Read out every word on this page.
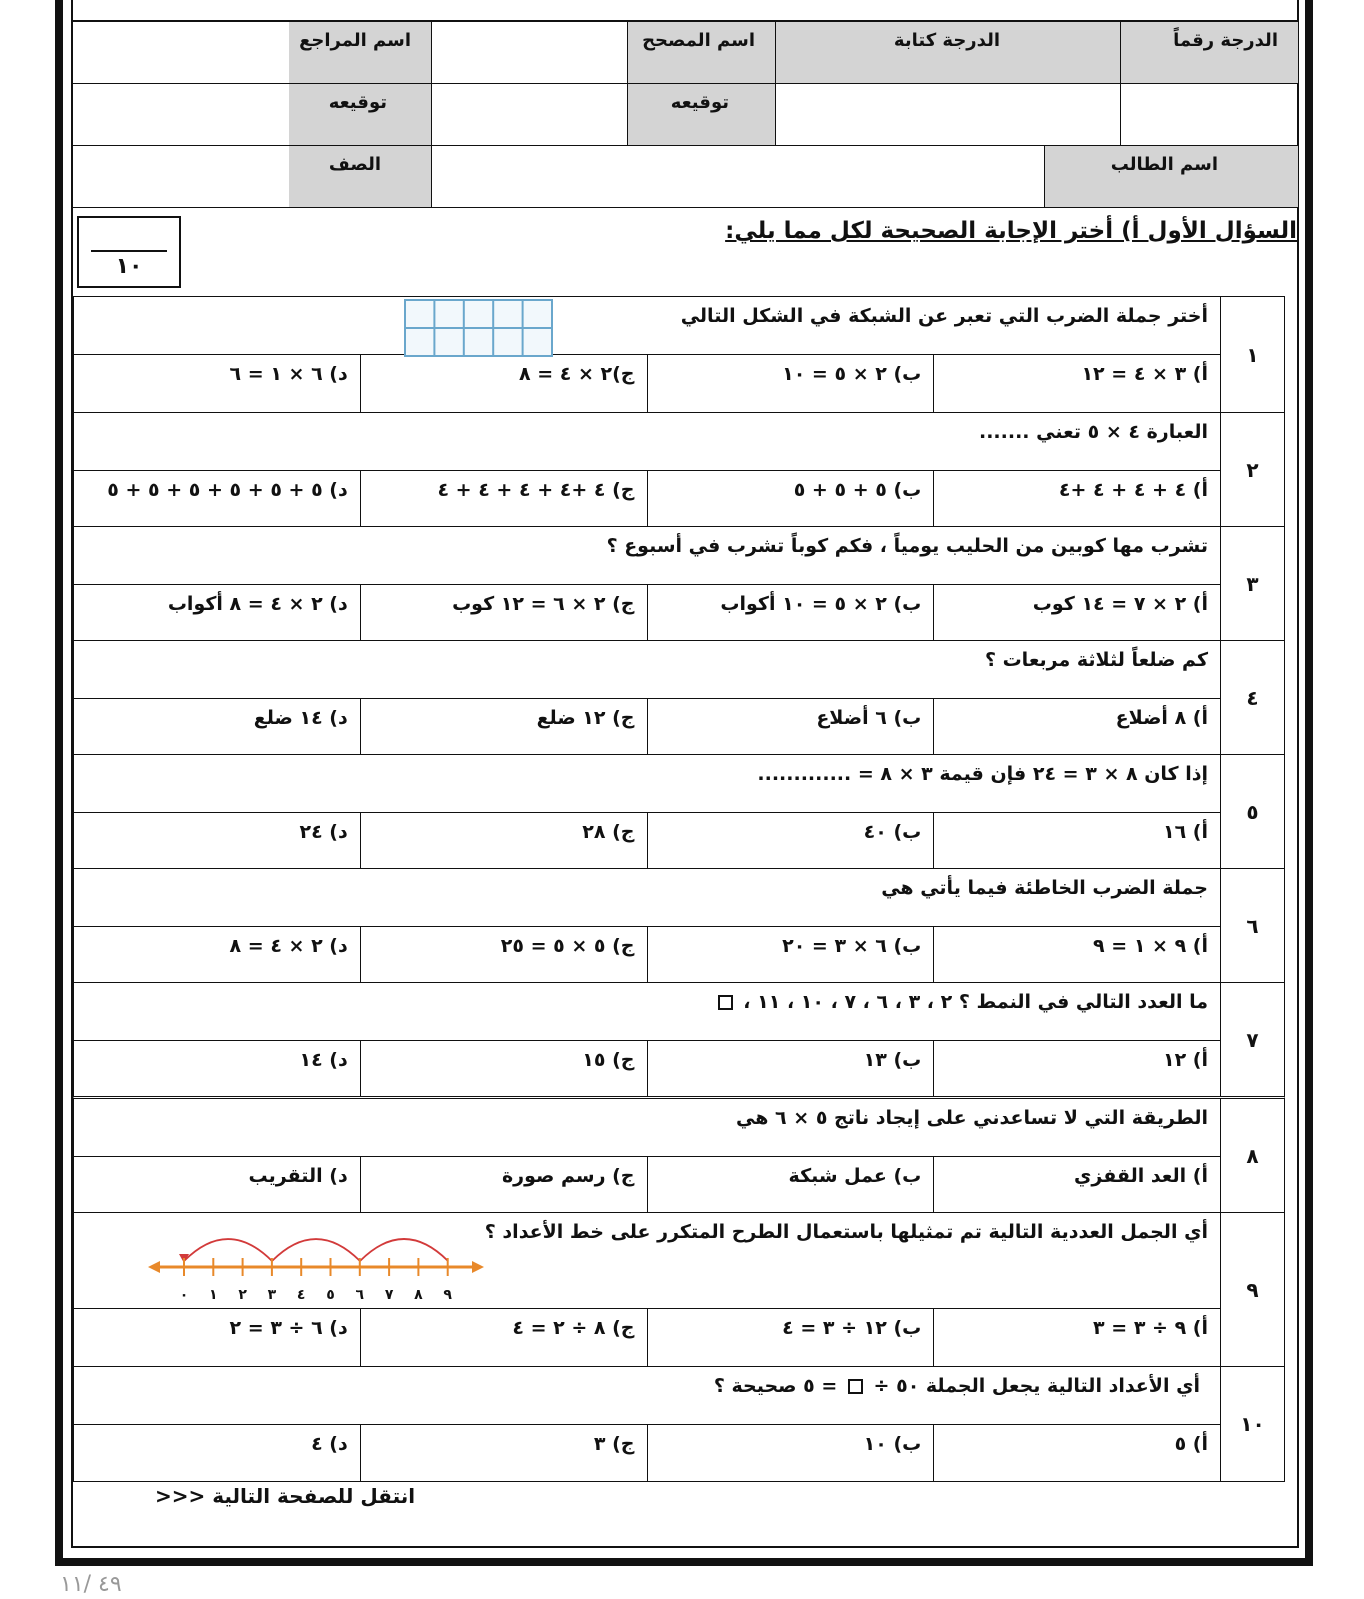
الدرجة رقماً
الدرجة كتابة
اسم المصحح
اسم المراجع
توقيعه
توقيعه
اسم الطالب
الصف
السؤال الأول أ) أختر الإجابة الصحيحة لكل مما يلي:
١٠
١
أختر جملة الضرب التي تعبر عن الشبكة في الشكل التالي
أ) ٣ × ٤ = ١٢
ب) ٢ × ٥ = ١٠
ج)٢ × ٤ = ٨
د) ٦ × ١ = ٦
٢
العبارة ٤ × ٥ تعني .......
أ) ٤ + ٤ + ٤ +٤
ب) ٥ + ٥ + ٥
ج) ٤ +٤ + ٤ + ٤ + ٤
د) ٥ + ٥ + ٥ + ٥ + ٥ + ٥
٣
تشرب مها كوبين من الحليب يومياً ، فكم كوباً تشرب في أسبوع ؟
أ) ٢ × ٧ = ١٤ كوب
ب) ٢ × ٥ = ١٠ أكواب
ج) ٢ × ٦ = ١٢ كوب
د) ٢ × ٤ = ٨ أكواب
٤
كم ضلعاً لثلاثة مربعات ؟
أ) ٨ أضلاع
ب) ٦ أضلاع
ج) ١٢ ضلع
د) ١٤ ضلع
٥
إذا كان ٨ × ٣ = ٢٤ فإن قيمة ٣ × ٨ = .............
أ) ١٦
ب) ٤٠
ج) ٢٨
د) ٢٤
٦
جملة الضرب الخاطئة فيما يأتي هي
أ) ٩ × ١ = ٩
ب) ٦ × ٣ = ٢٠
ج) ٥ × ٥ = ٢٥
د) ٢ × ٤ = ٨
٧
ما العدد التالي في النمط ؟ ٢ ، ٣ ، ٦ ، ٧ ، ١٠ ، ١١ ،
أ) ١٢
ب) ١٣
ج) ١٥
د) ١٤
٨
الطريقة التي لا تساعدني على إيجاد ناتج ٥ × ٦ هي
أ) العد القفزي
ب) عمل شبكة
ج) رسم صورة
د) التقريب
٩
أي الجمل العددية التالية تم تمثيلها باستعمال الطرح المتكرر على خط الأعداد ؟
٠ ١ ٢ ٣ ٤ ٥ ٦ ٧ ٨ ٩
أ) ٩ ÷ ٣ = ٣
ب) ١٢ ÷ ٣ = ٤
ج) ٨ ÷ ٢ = ٤
د) ٦ ÷ ٣ = ٢
١٠
أي الأعداد التالية يجعل الجملة ٥٠ ÷  = ٥ صحيحة ؟
أ) ٥
ب) ١٠
ج) ٣
د) ٤
انتقل للصفحة التالية <<<
٤٩ /١١
